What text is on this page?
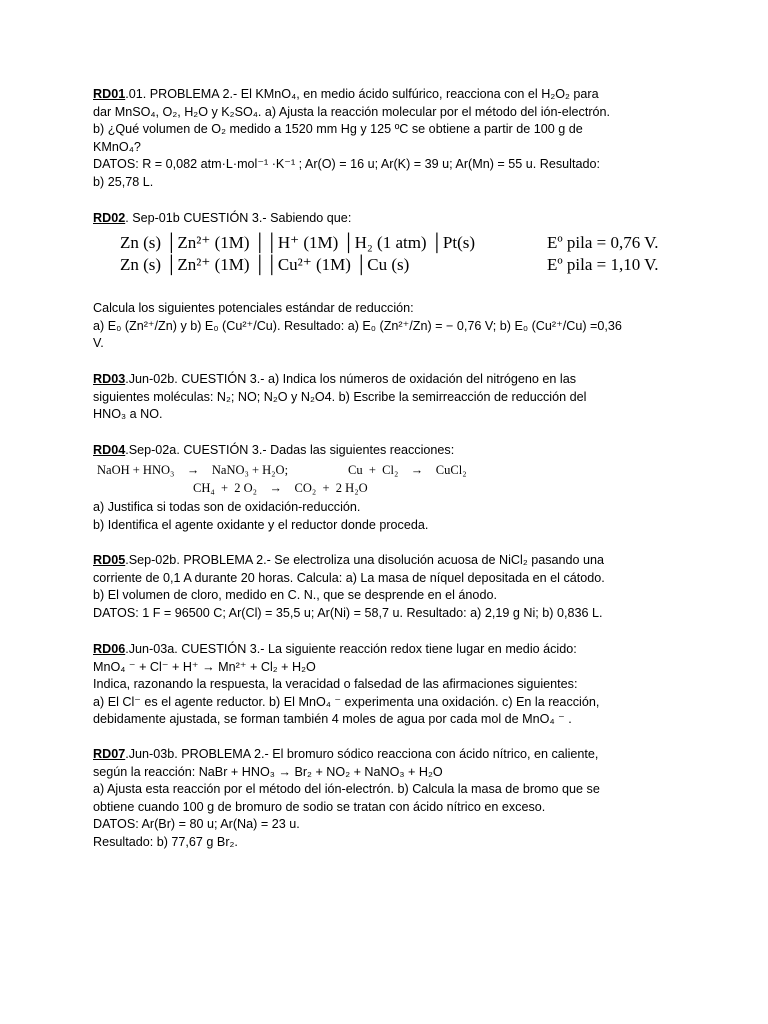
RD01.01. PROBLEMA 2.- El KMnO₄, en medio ácido sulfúrico, reacciona con el H₂O₂ para
dar MnSO₄, O₂, H₂O y K₂SO₄. a) Ajusta la reacción molecular por el método del ión-electrón.
b) ¿Qué volumen de O₂ medido a 1520 mm Hg y 125 ºC se obtiene a partir de 100 g de
KMnO₄?
DATOS: R = 0,082 atm·L·mol⁻¹ ·K⁻¹ ; Ar(O) = 16 u; Ar(K) = 39 u; Ar(Mn) = 55 u. Resultado:
b) 25,78 L.
RD02. Sep-01b CUESTIÓN 3.- Sabiendo que:
Zn (s) │Zn²⁺ (1M) ││H⁺ (1M) │H₂ (1 atm) │Pt(s)	Eº pila = 0,76 V.
Zn (s) │Zn²⁺ (1M) ││Cu²⁺ (1M) │Cu (s)	Eº pila = 1,10 V.
Calcula los siguientes potenciales estándar de reducción:
a) E₀ (Zn²⁺/Zn) y b) E₀ (Cu²⁺/Cu). Resultado: a) E₀ (Zn²⁺/Zn) = − 0,76 V; b) E₀ (Cu²⁺/Cu) =0,36
V.
RD03.Jun-02b. CUESTIÓN 3.- a) Indica los números de oxidación del nitrógeno en las
siguientes moléculas: N₂; NO; N₂O y N₂O4. b) Escribe la semirreacción de reducción del
HNO₃ a NO.
RD04.Sep-02a. CUESTIÓN 3.- Dadas las siguientes reacciones:
NaOH + HNO₃    →    NaNO₃ + H₂O;	Cu  +  Cl₂    →    CuCl₂
CH₄  +  2 O₂    →    CO₂  +  2 H₂O
a) Justifica si todas son de oxidación-reducción.
b) Identifica el agente oxidante y el reductor donde proceda.
RD05.Sep-02b. PROBLEMA 2.- Se electroliza una disolución acuosa de NiCl₂ pasando una
corriente de 0,1 A durante 20 horas. Calcula: a) La masa de níquel depositada en el cátodo.
b) El volumen de cloro, medido en C. N., que se desprende en el ánodo.
DATOS: 1 F = 96500 C; Ar(Cl) = 35,5 u; Ar(Ni) = 58,7 u. Resultado: a) 2,19 g Ni; b) 0,836 L.
RD06.Jun-03a. CUESTIÓN 3.- La siguiente reacción redox tiene lugar en medio ácido:
MnO₄ ⁻ + Cl⁻ + H⁺ → Mn²⁺ + Cl₂ + H₂O
Indica, razonando la respuesta, la veracidad o falsedad de las afirmaciones siguientes:
a) El Cl⁻ es el agente reductor. b) El MnO₄ ⁻ experimenta una oxidación. c) En la reacción,
debidamente ajustada, se forman también 4 moles de agua por cada mol de MnO₄ ⁻ .
RD07.Jun-03b. PROBLEMA 2.- El bromuro sódico reacciona con ácido nítrico, en caliente,
según la reacción: NaBr + HNO₃ → Br₂ + NO₂ + NaNO₃ + H₂O
a) Ajusta esta reacción por el método del ión-electrón. b) Calcula la masa de bromo que se
obtiene cuando 100 g de bromuro de sodio se tratan con ácido nítrico en exceso.
DATOS: Ar(Br) = 80 u; Ar(Na) = 23 u.
Resultado: b) 77,67 g Br₂.
